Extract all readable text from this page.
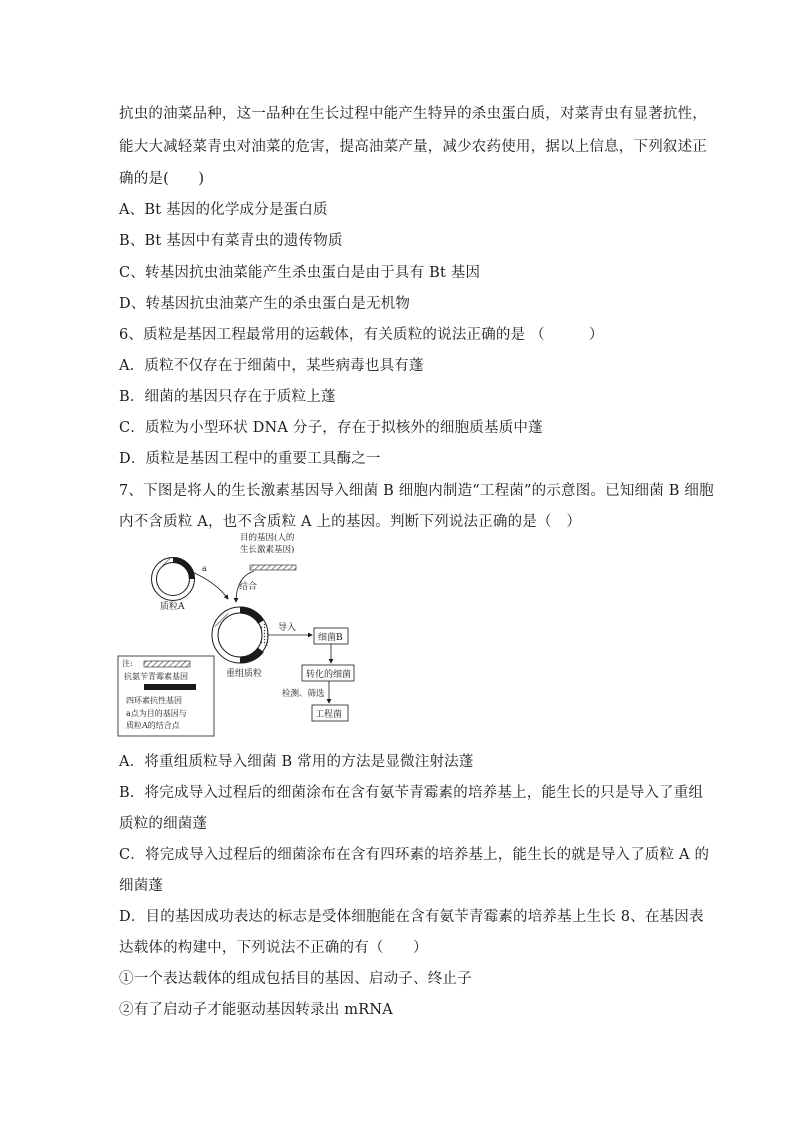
抗虫的油菜品种，这一品种在生长过程中能产生特异的杀虫蛋白质，对菜青虫有显著抗性，
能大大减轻菜青虫对油菜的危害，提高油菜产量，减少农药使用，据以上信息，下列叙述正
确的是(　　)
A、Bt 基因的化学成分是蛋白质
B、Bt 基因中有菜青虫的遗传物质
C、转基因抗虫油菜能产生杀虫蛋白是由于具有 Bt 基因
D、转基因抗虫油菜产生的杀虫蛋白是无机物
6、质粒是基因工程最常用的运载体，有关质粒的说法正确的是 （　　　）
A．质粒不仅存在于细菌中，某些病毒也具有蓬
B．细菌的基因只存在于质粒上蓬
C．质粒为小型环状 DNA 分子，存在于拟核外的细胞质基质中蓬
D．质粒是基因工程中的重要工具酶之一
7、下图是将人的生长激素基因导入细菌 B 细胞内制造“工程菌”的示意图。已知细菌 B 细胞
内不含质粒 A，也不含质粒 A 上的基因。判断下列说法正确的是（　）
质粒A
a
目的基因(人的
生长激素基因)
结合
重组质粒
导入
细菌B
转化的细菌
检测、筛选
工程菌
注:
抗氨苄青霉素基因
四环素抗性基因
a点为目的基因与
质粒A的结合点
A．将重组质粒导入细菌 B 常用的方法是显微注射法蓬
B．将完成导入过程后的细菌涂布在含有氨苄青霉素的培养基上，能生长的只是导入了重组
质粒的细菌蓬
C．将完成导入过程后的细菌涂布在含有四环素的培养基上，能生长的就是导入了质粒 A 的
细菌蓬
D．目的基因成功表达的标志是受体细胞能在含有氨苄青霉素的培养基上生长 8、在基因表
达载体的构建中，下列说法不正确的有（　　）
①一个表达载体的组成包括目的基因、启动子、终止子
②有了启动子才能驱动基因转录出 mRNA
